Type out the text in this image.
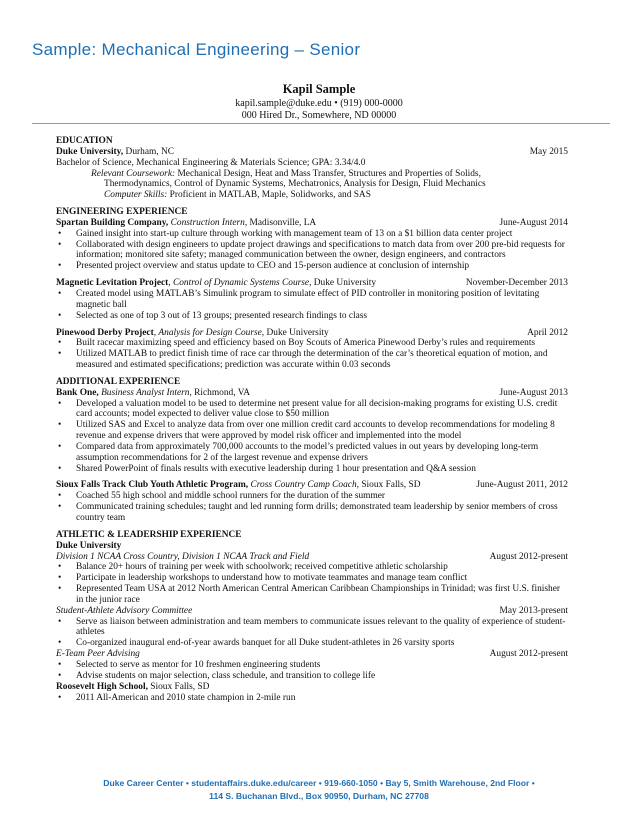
Sample: Mechanical Engineering – Senior
Kapil Sample
kapil.sample@duke.edu • (919) 000-0000
000 Hired Dr., Somewhere, ND 00000
EDUCATION
Duke University, Durham, NC	May 2015
Bachelor of Science, Mechanical Engineering & Materials Science; GPA: 3.34/4.0
Relevant Coursework: Mechanical Design, Heat and Mass Transfer, Structures and Properties of Solids,
Thermodynamics, Control of Dynamic Systems, Mechatronics, Analysis for Design, Fluid Mechanics
Computer Skills: Proficient in MATLAB, Maple, Solidworks, and SAS
ENGINEERING EXPERIENCE
Spartan Building Company, Construction Intern, Madisonville, LA	June-August 2014
• Gained insight into start-up culture through working with management team of 13 on a $1 billion data center project
• Collaborated with design engineers to update project drawings and specifications to match data from over 200 pre-bid requests for information; monitored site safety; managed communication between the owner, design engineers, and contractors
• Presented project overview and status update to CEO and 15-person audience at conclusion of internship
Magnetic Levitation Project, Control of Dynamic Systems Course, Duke University	November-December 2013
• Created model using MATLAB’s Simulink program to simulate effect of PID controller in monitoring position of levitating magnetic ball
• Selected as one of top 3 out of 13 groups; presented research findings to class
Pinewood Derby Project, Analysis for Design Course, Duke University	April 2012
• Built racecar maximizing speed and efficiency based on Boy Scouts of America Pinewood Derby’s rules and requirements
• Utilized MATLAB to predict finish time of race car through the determination of the car’s theoretical equation of motion, and measured and estimated specifications; prediction was accurate within 0.03 seconds
ADDITIONAL EXPERIENCE
Bank One, Business Analyst Intern, Richmond, VA	June-August 2013
• Developed a valuation model to be used to determine net present value for all decision-making programs for existing U.S. credit card accounts; model expected to deliver value close to $50 million
• Utilized SAS and Excel to analyze data from over one million credit card accounts to develop recommendations for modeling 8 revenue and expense drivers that were approved by model risk officer and implemented into the model
• Compared data from approximately 700,000 accounts to the model’s predicted values in out years by developing long-term assumption recommendations for 2 of the largest revenue and expense drivers
• Shared PowerPoint of finals results with executive leadership during 1 hour presentation and Q&A session
Sioux Falls Track Club Youth Athletic Program, Cross Country Camp Coach, Sioux Falls, SD	June-August 2011, 2012
• Coached 55 high school and middle school runners for the duration of the summer
• Communicated training schedules; taught and led running form drills; demonstrated team leadership by senior members of cross country team
ATHLETIC & LEADERSHIP EXPERIENCE
Duke University
Division 1 NCAA Cross Country, Division 1 NCAA Track and Field	August 2012-present
• Balance 20+ hours of training per week with schoolwork; received competitive athletic scholarship
• Participate in leadership workshops to understand how to motivate teammates and manage team conflict
• Represented Team USA at 2012 North American Central American Caribbean Championships in Trinidad; was first U.S. finisher in the junior race
Student-Athlete Advisory Committee	May 2013-present
• Serve as liaison between administration and team members to communicate issues relevant to the quality of experience of student-athletes
• Co-organized inaugural end-of-year awards banquet for all Duke student-athletes in 26 varsity sports
E-Team Peer Advising	August 2012-present
• Selected to serve as mentor for 10 freshmen engineering students
• Advise students on major selection, class schedule, and transition to college life
Roosevelt High School, Sioux Falls, SD
• 2011 All-American and 2010 state champion in 2-mile run
Duke Career Center • studentaffairs.duke.edu/career • 919-660-1050 • Bay 5, Smith Warehouse, 2nd Floor •
114 S. Buchanan Blvd., Box 90950, Durham, NC 27708
